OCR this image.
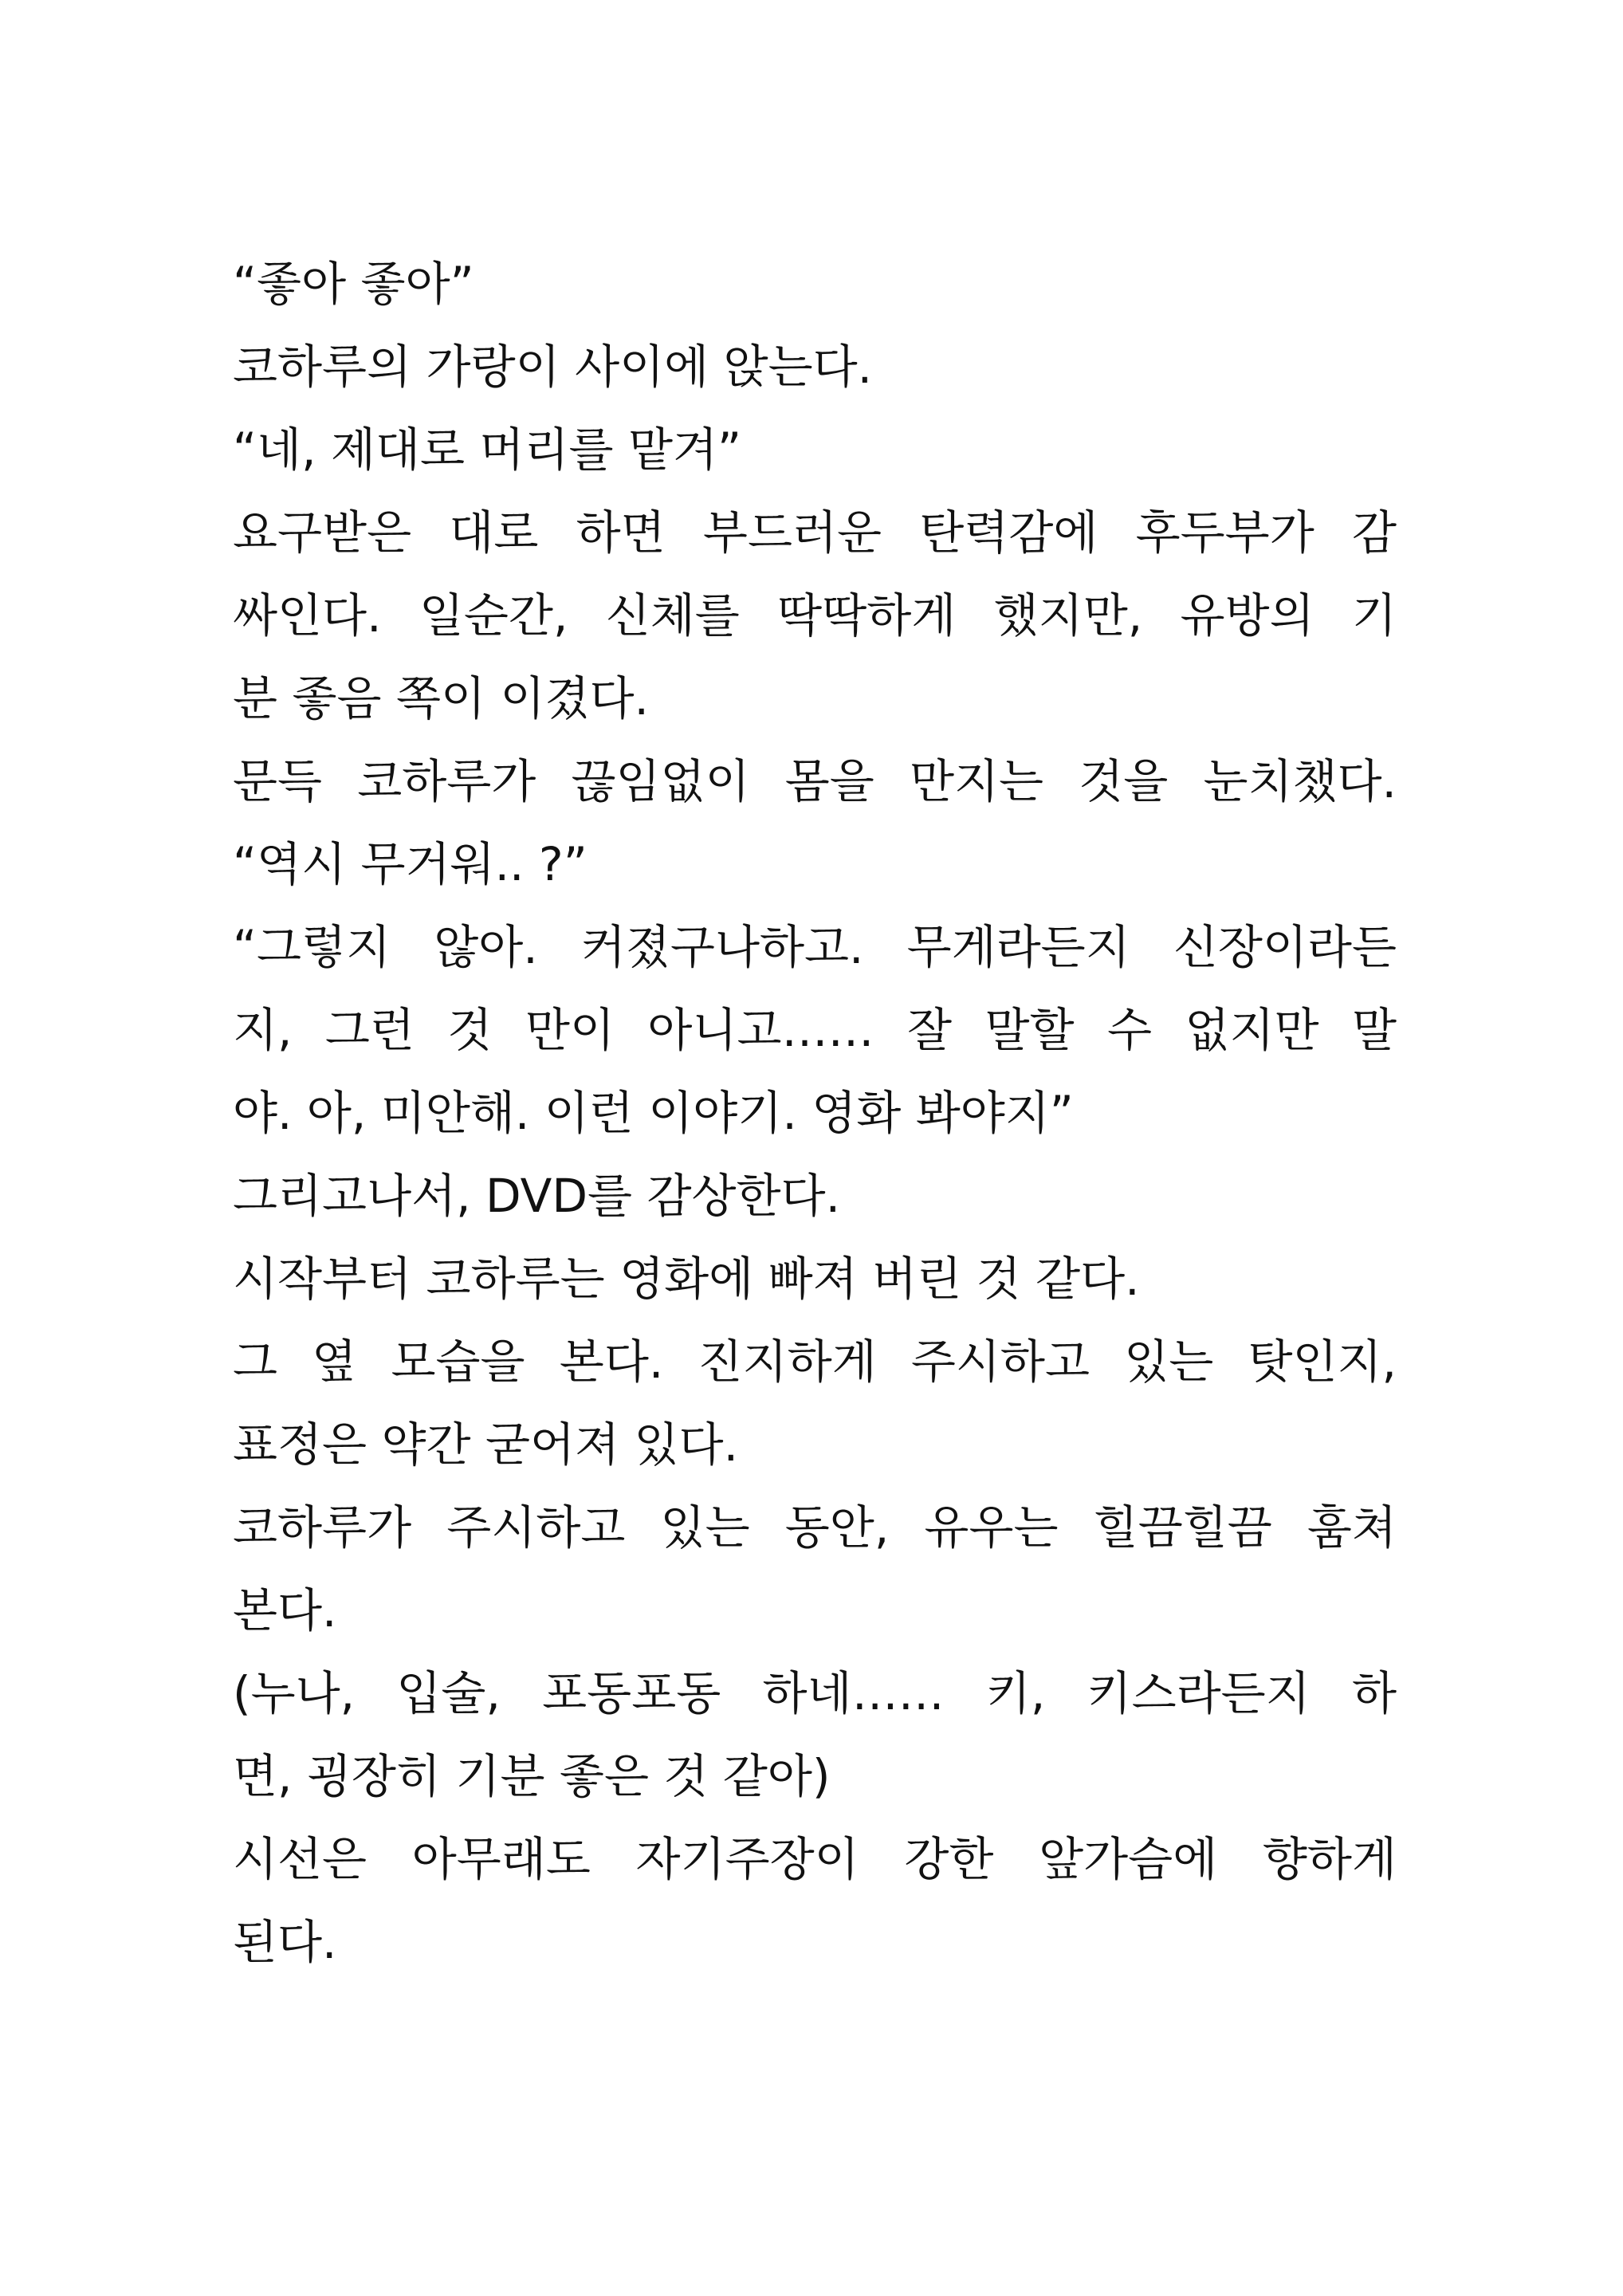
“좋아 좋아”
코하루의 가랑이 사이에 앉는다.
“네, 제대로 머리를 맡겨”
요구받은 대로 하면 부드러운 탄력감에 후두부가 감
싸인다. 일순간, 신체를 딱딱하게 했지만, 유방의 기
분 좋음 쪽이 이겼다.
문득 코하루가 끊임없이 몸을 만지는 것을 눈치챘다.
“역시 무거워.. ?”
“그렇지 않아. 커졌구나하고. 무게라든지 신장이라든
지, 그런 것 만이 아니고…… 잘 말할 수 없지만 말
야. 아, 미안해. 이런 이야기. 영화 봐야지”
그리고나서, DVD를 감상한다.
시작부터 코하루는 영화에 빠져 버린 것 같다.
그 옆 모습을 본다. 진지하게 주시하고 있는 탓인지,
표정은 약간 굳어져 있다.
코하루가 주시하고 있는 동안, 유우는 힐끔힐끔 훔쳐
본다.
(누나, 입술, 포동포동 하네…… 키, 키스라든지 하
면, 굉장히 기분 좋은 것 같아)
시선은 아무래도 자기주장이 강한 앞가슴에 향하게
된다.
